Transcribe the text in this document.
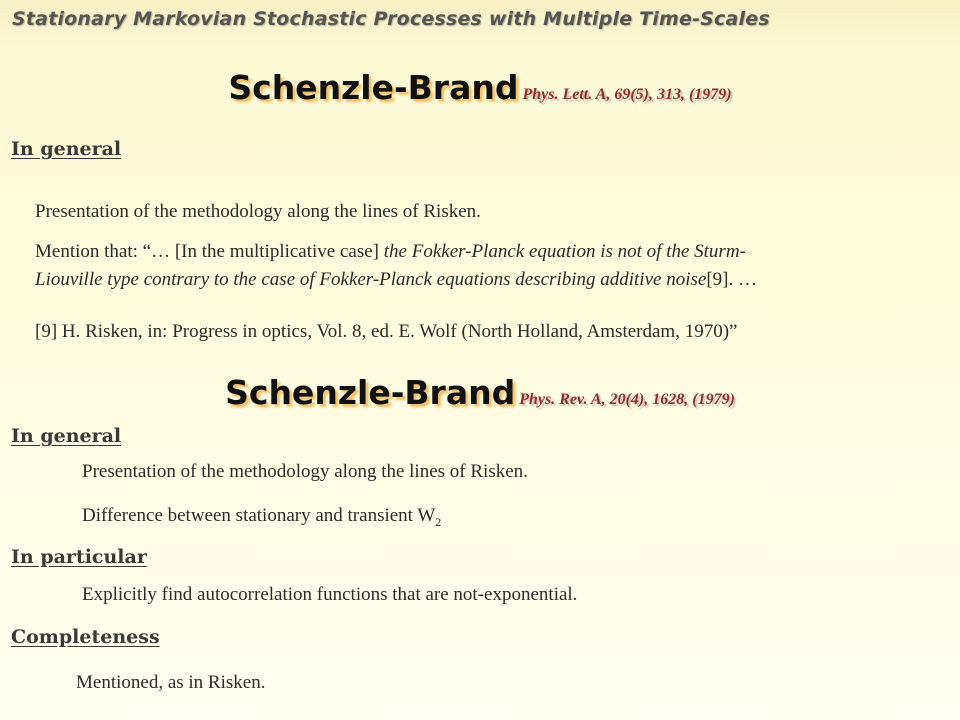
Stationary Markovian Stochastic Processes with Multiple Time-Scales
Schenzle-Brand Phys. Lett. A, 69(5), 313, (1979)
In general
Presentation of the methodology along the lines of Risken.
Mention that: “… [In the multiplicative case] the Fokker-Planck equation is not of the Sturm-
Liouville type contrary to the case of Fokker-Planck equations describing additive noise[9]. …
[9] H. Risken, in: Progress in optics, Vol. 8, ed. E. Wolf (North Holland, Amsterdam, 1970)”
Schenzle-Brand Phys. Rev. A, 20(4), 1628, (1979)
In general
Presentation of the methodology along the lines of Risken.
Difference between stationary and transient $W_2$
In particular
Explicitly find autocorrelation functions that are not-exponential.
Completeness
Mentioned, as in Risken.
